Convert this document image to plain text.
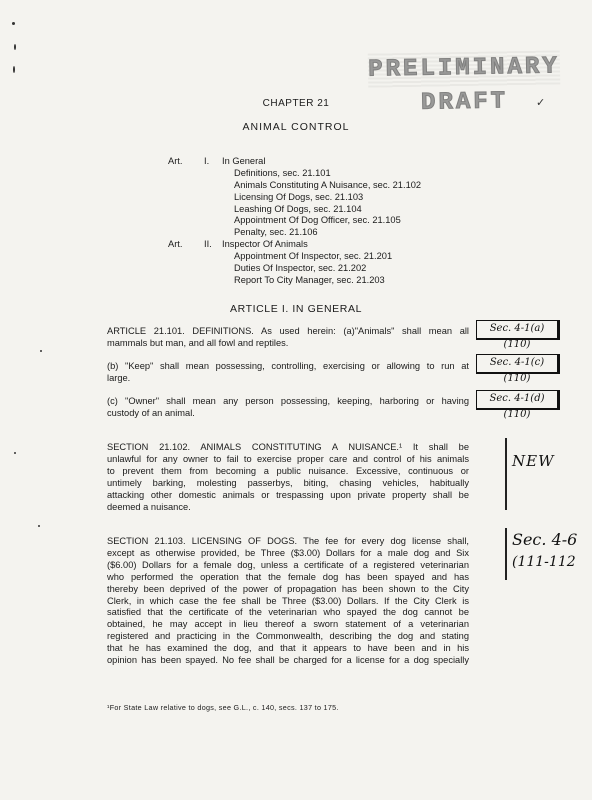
PRELIMINARY DRAFT	✓
CHAPTER 21
ANIMAL CONTROL
Art. I. In General
Definitions, sec. 21.101
Animals Constituting A Nuisance, sec. 21.102
Licensing Of Dogs, sec. 21.103
Leashing Of Dogs, sec. 21.104
Appointment Of Dog Officer, sec. 21.105
Penalty, sec. 21.106
Art. II. Inspector Of Animals
Appointment Of Inspector, sec. 21.201
Duties Of Inspector, sec. 21.202
Report To City Manager, sec. 21.203
ARTICLE I. IN GENERAL
ARTICLE 21.101. DEFINITIONS. As used herein: (a)"Animals" shall mean all
mammals but man, and all fowl and reptiles.
Sec. 4-1(a)(110)
(b) "Keep" shall mean possessing, controlling, exercising or allowing to run at
large.
Sec. 4-1(c)(110)
(c) "Owner" shall mean any person possessing, keeping, harboring or having
custody of an animal.
Sec. 4-1(d)(110)
SECTION 21.102. ANIMALS CONSTITUTING A NUISANCE.¹ It shall be
unlawful for any owner to fail to exercise proper care and control of his animals
to prevent them from becoming a public nuisance. Excessive, continuous or
untimely barking, molesting passerbys, biting, chasing vehicles, habitually
attacking other domestic animals or trespassing upon private property shall be
deemed a nuisance.
NEW
SECTION 21.103. LICENSING OF DOGS. The fee for every dog license shall,
except as otherwise provided, be Three ($3.00) Dollars for a male dog and Six
($6.00) Dollars for a female dog, unless a certificate of a registered veterinarian
who performed the operation that the female dog has been spayed and has
thereby been deprived of the power of propagation has been shown to the City
Clerk, in which case the fee shall be Three ($3.00) Dollars. If the City Clerk is
satisfied that the certificate of the veterinarian who spayed the dog cannot be
obtained, he may accept in lieu thereof a sworn statement of a veterinarian
registered and practicing in the Commonwealth, describing the dog and stating
that he has examined the dog, and that it appears to have been and in his
opinion has been spayed. No fee shall be charged for a license for a dog specially
Sec. 4-6
(111-112
¹For State Law relative to dogs, see G.L., c. 140, secs. 137 to 175.
